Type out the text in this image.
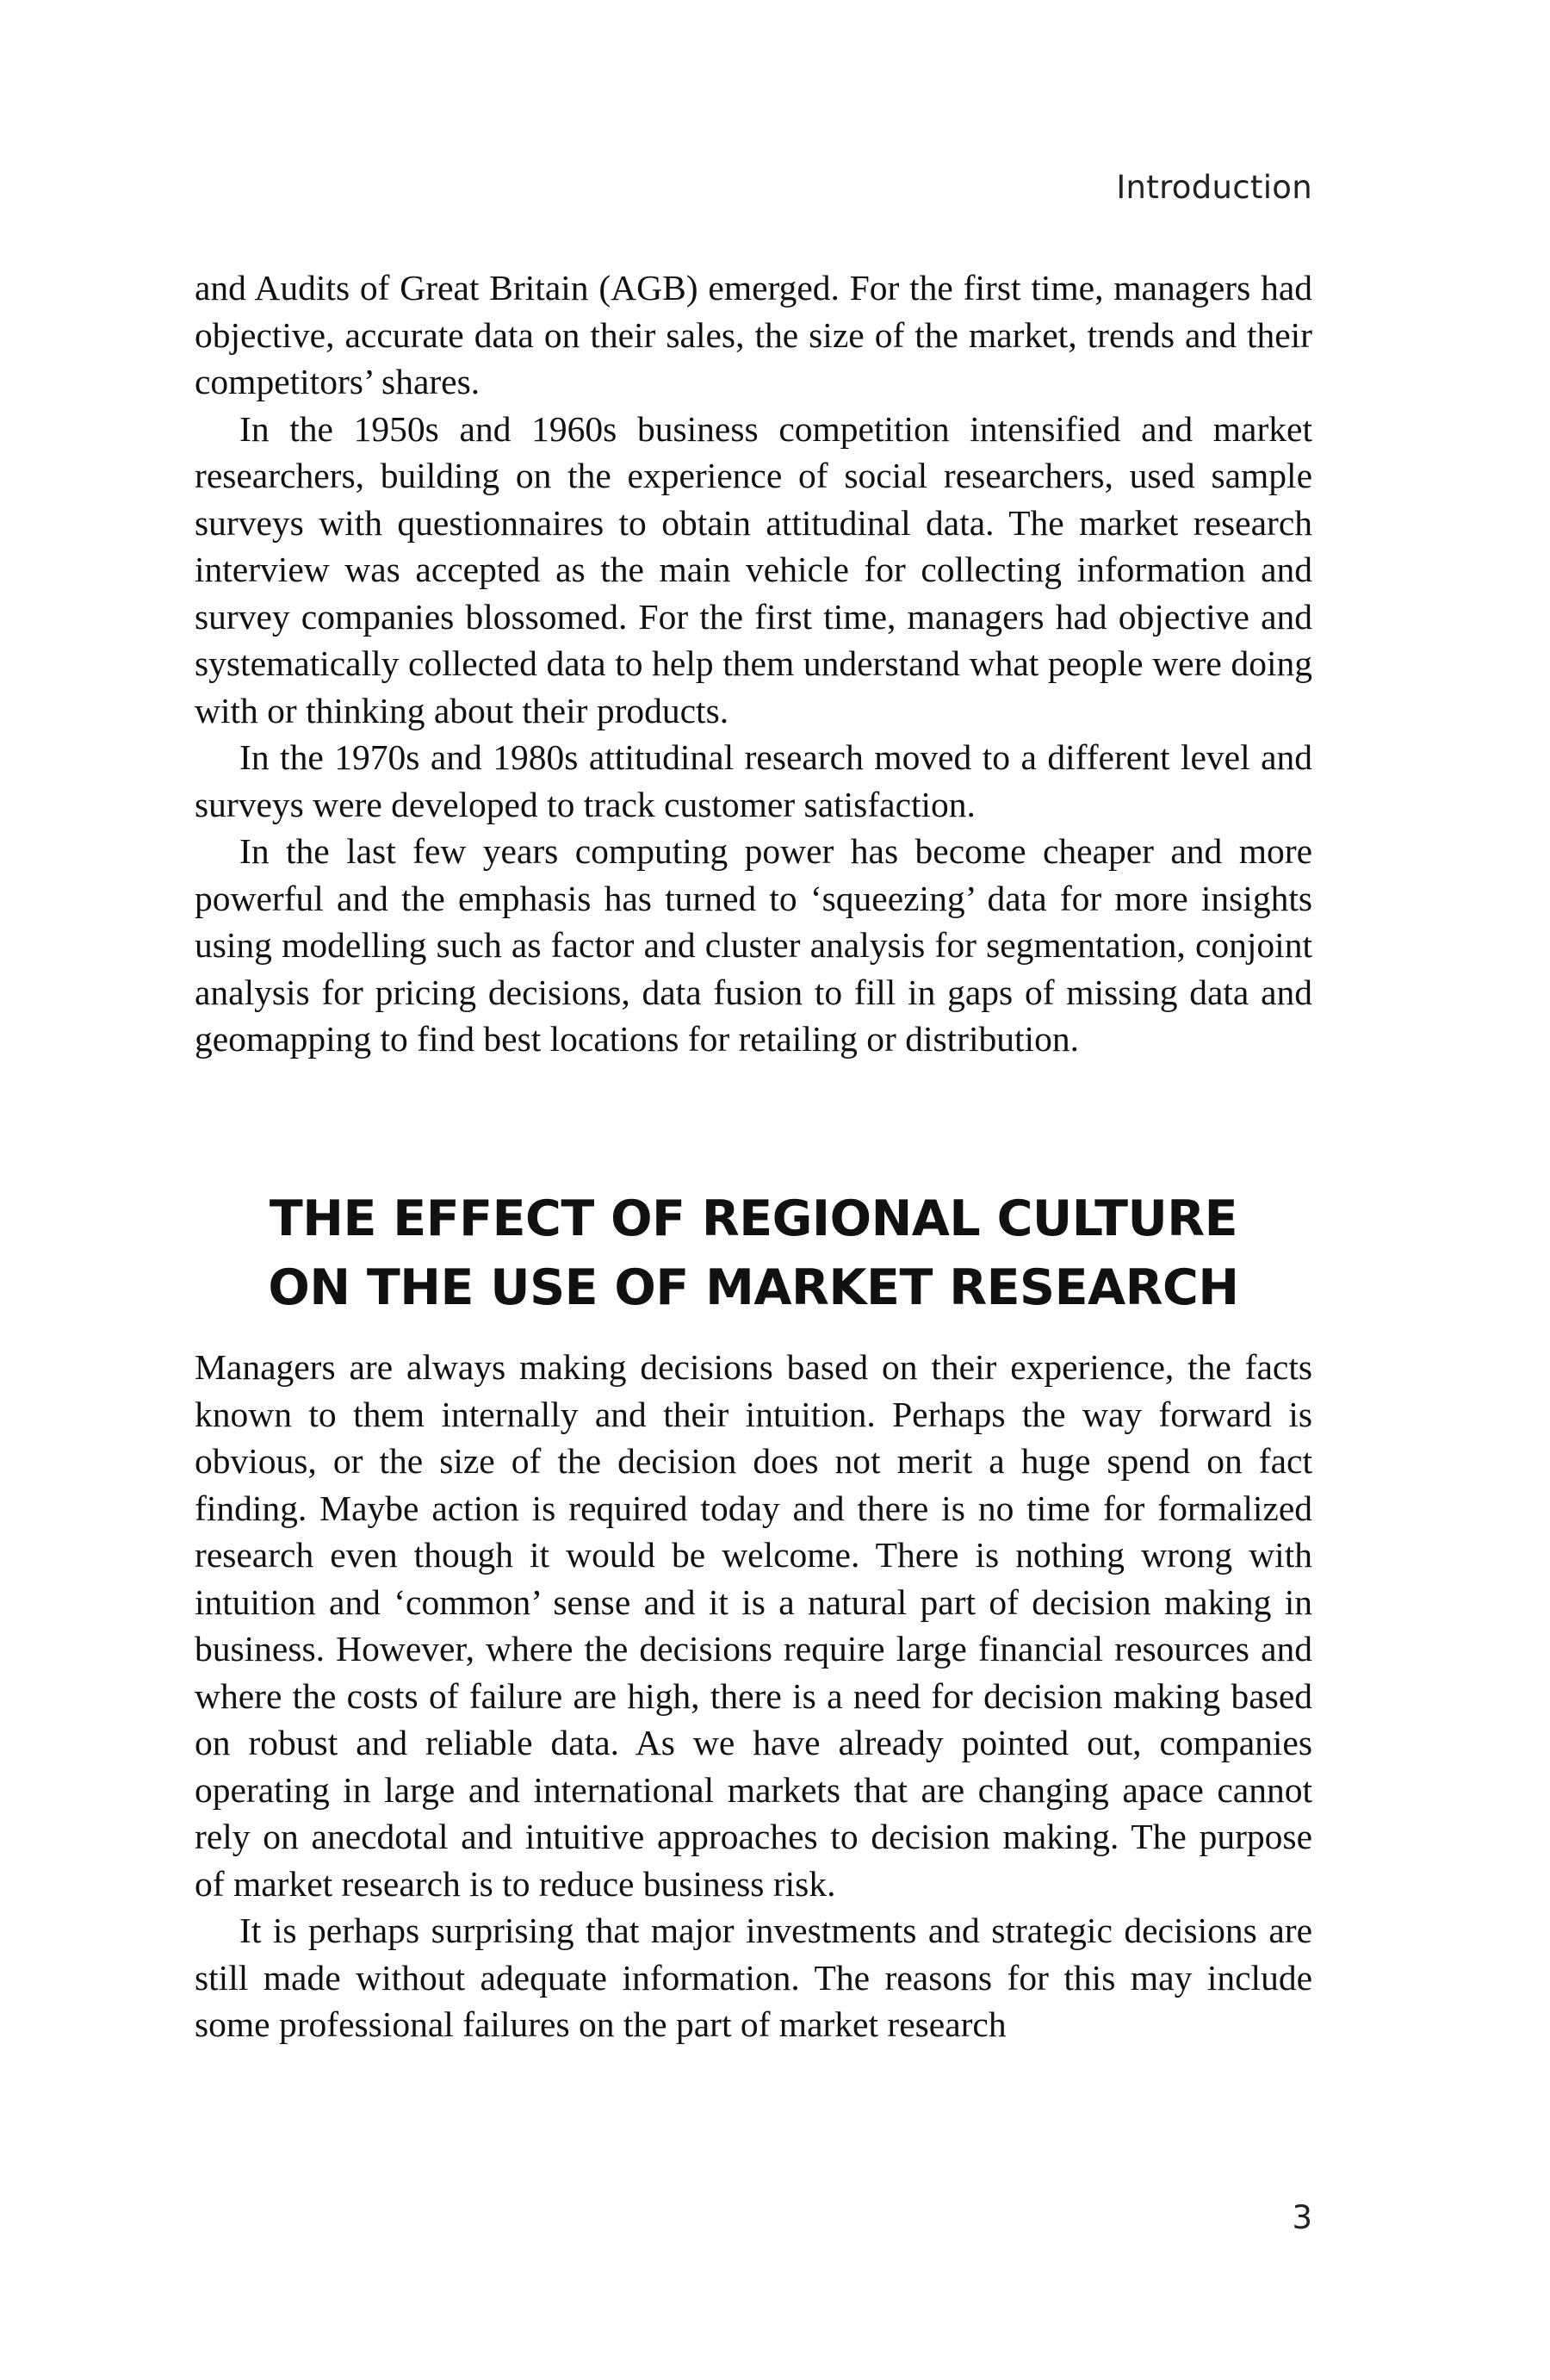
Introduction

and Audits of Great Britain (AGB) emerged. For the first time, managers had objective, accurate data on their sales, the size of the market, trends and their competitors’ shares.

In the 1950s and 1960s business competition intensified and market researchers, building on the experience of social researchers, used sample surveys with questionnaires to obtain attitudinal data. The market research interview was accepted as the main vehicle for collecting information and survey companies blossomed. For the first time, managers had objective and systematically collected data to help them understand what people were doing with or thinking about their products.

In the 1970s and 1980s attitudinal research moved to a different level and surveys were developed to track customer satisfaction.

In the last few years computing power has become cheaper and more powerful and the emphasis has turned to ‘squeezing’ data for more insights using modelling such as factor and cluster analysis for segmentation, conjoint analysis for pricing decisions, data fusion to fill in gaps of missing data and geomapping to find best locations for retailing or distribution.

THE EFFECT OF REGIONAL CULTURE
ON THE USE OF MARKET RESEARCH

Managers are always making decisions based on their experience, the facts known to them internally and their intuition. Perhaps the way forward is obvious, or the size of the decision does not merit a huge spend on fact finding. Maybe action is required today and there is no time for formalized research even though it would be welcome. There is nothing wrong with intuition and ‘common’ sense and it is a natural part of decision making in business. However, where the decisions require large financial resources and where the costs of failure are high, there is a need for decision making based on robust and reliable data. As we have already pointed out, companies operating in large and international markets that are changing apace cannot rely on anecdotal and intuitive approaches to decision making. The purpose of market research is to reduce business risk.

It is perhaps surprising that major investments and strategic decisions are still made without adequate information. The reasons for this may include some professional failures on the part of market research

3
